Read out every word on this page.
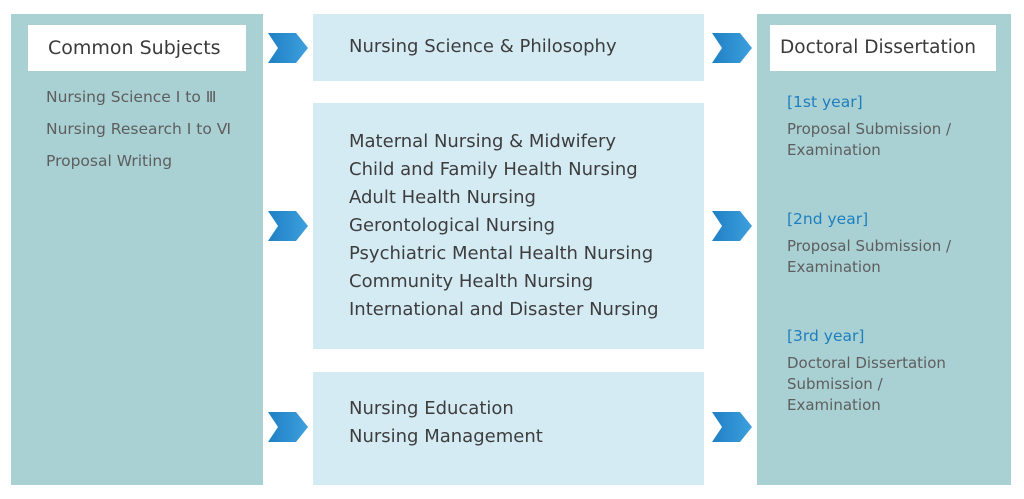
Common Subjects
Nursing Science Ⅰ to Ⅲ
Nursing Research Ⅰ to Ⅵ
Proposal Writing
Nursing Science & Philosophy
Maternal Nursing & Midwifery
Child and Family Health Nursing
Adult Health Nursing
Gerontological Nursing
Psychiatric Mental Health Nursing
Community Health Nursing
International and Disaster Nursing
Nursing Education
Nursing Management
Doctoral Dissertation
[1st year]
Proposal Submission /
Examination
[2nd year]
Proposal Submission /
Examination
[3rd year]
Doctoral Dissertation
Submission /
Examination
